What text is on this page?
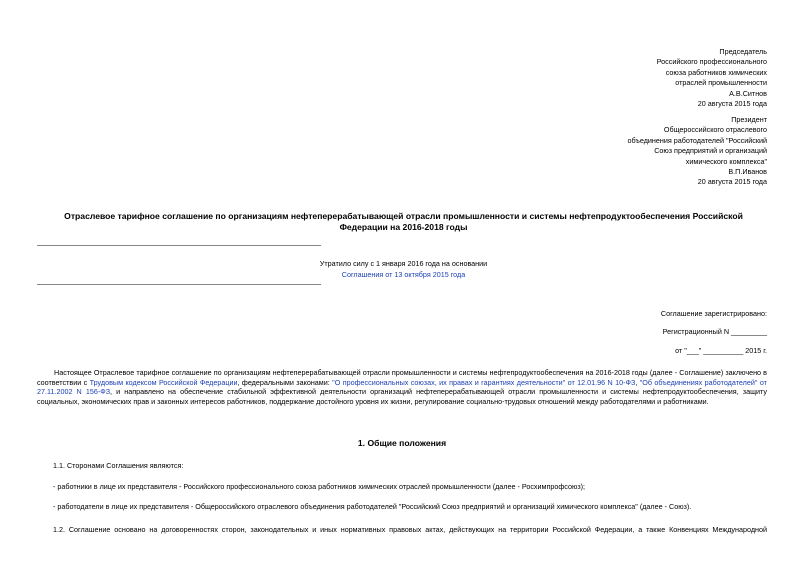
Председатель
Российского профессионального
союза работников химических
отраслей промышленности
А.В.Ситнов
20 августа 2015 года
Президент
Общероссийского отраслевого
объединения работодателей "Российский
Союз предприятий и организаций
химического комплекса"
В.П.Иванов
20 августа 2015 года
Отраслевое тарифное соглашение по организациям нефтеперерабатывающей отрасли промышленности и системы нефтепродуктообеспечения Российской Федерации на 2016-2018 годы
Утратило силу с 1 января 2016 года на основании
Соглашения от 13 октября 2015 года
Соглашение зарегистрировано:
Регистрационный N _________
от "___" __________ 2015 г.
Настоящее Отраслевое тарифное соглашение по организациям нефтеперерабатывающей отрасли промышленности и системы нефтепродуктообеспечения на 2016-2018 годы (далее - Соглашение) заключено в соответствии с Трудовым кодексом Российской Федерации, федеральными законами: "О профессиональных союзах, их правах и гарантиях деятельности" от 12.01.96 N 10-ФЗ, "Об объединениях работодателей" от 27.11.2002 N 156-ФЗ, и направлено на обеспечение стабильной эффективной деятельности организаций нефтеперерабатывающей отрасли промышленности и системы нефтепродуктообеспечения, защиту социальных, экономических прав и законных интересов работников, поддержание достойного уровня их жизни, регулирование социально-трудовых отношений между работодателями и работниками.
1. Общие положения
1.1. Сторонами Соглашения являются:
- работники в лице их представителя - Российского профессионального союза работников химических отраслей промышленности (далее - Росхимпрофсоюз);
- работодатели в лице их представителя - Общероссийского отраслевого объединения работодателей "Российский Союз предприятий и организаций химического комплекса" (далее - Союз).
1.2. Соглашение основано на договоренностях сторон, законодательных и иных нормативных правовых актах, действующих на территории Российской Федерации, а также Конвенциях Международной
